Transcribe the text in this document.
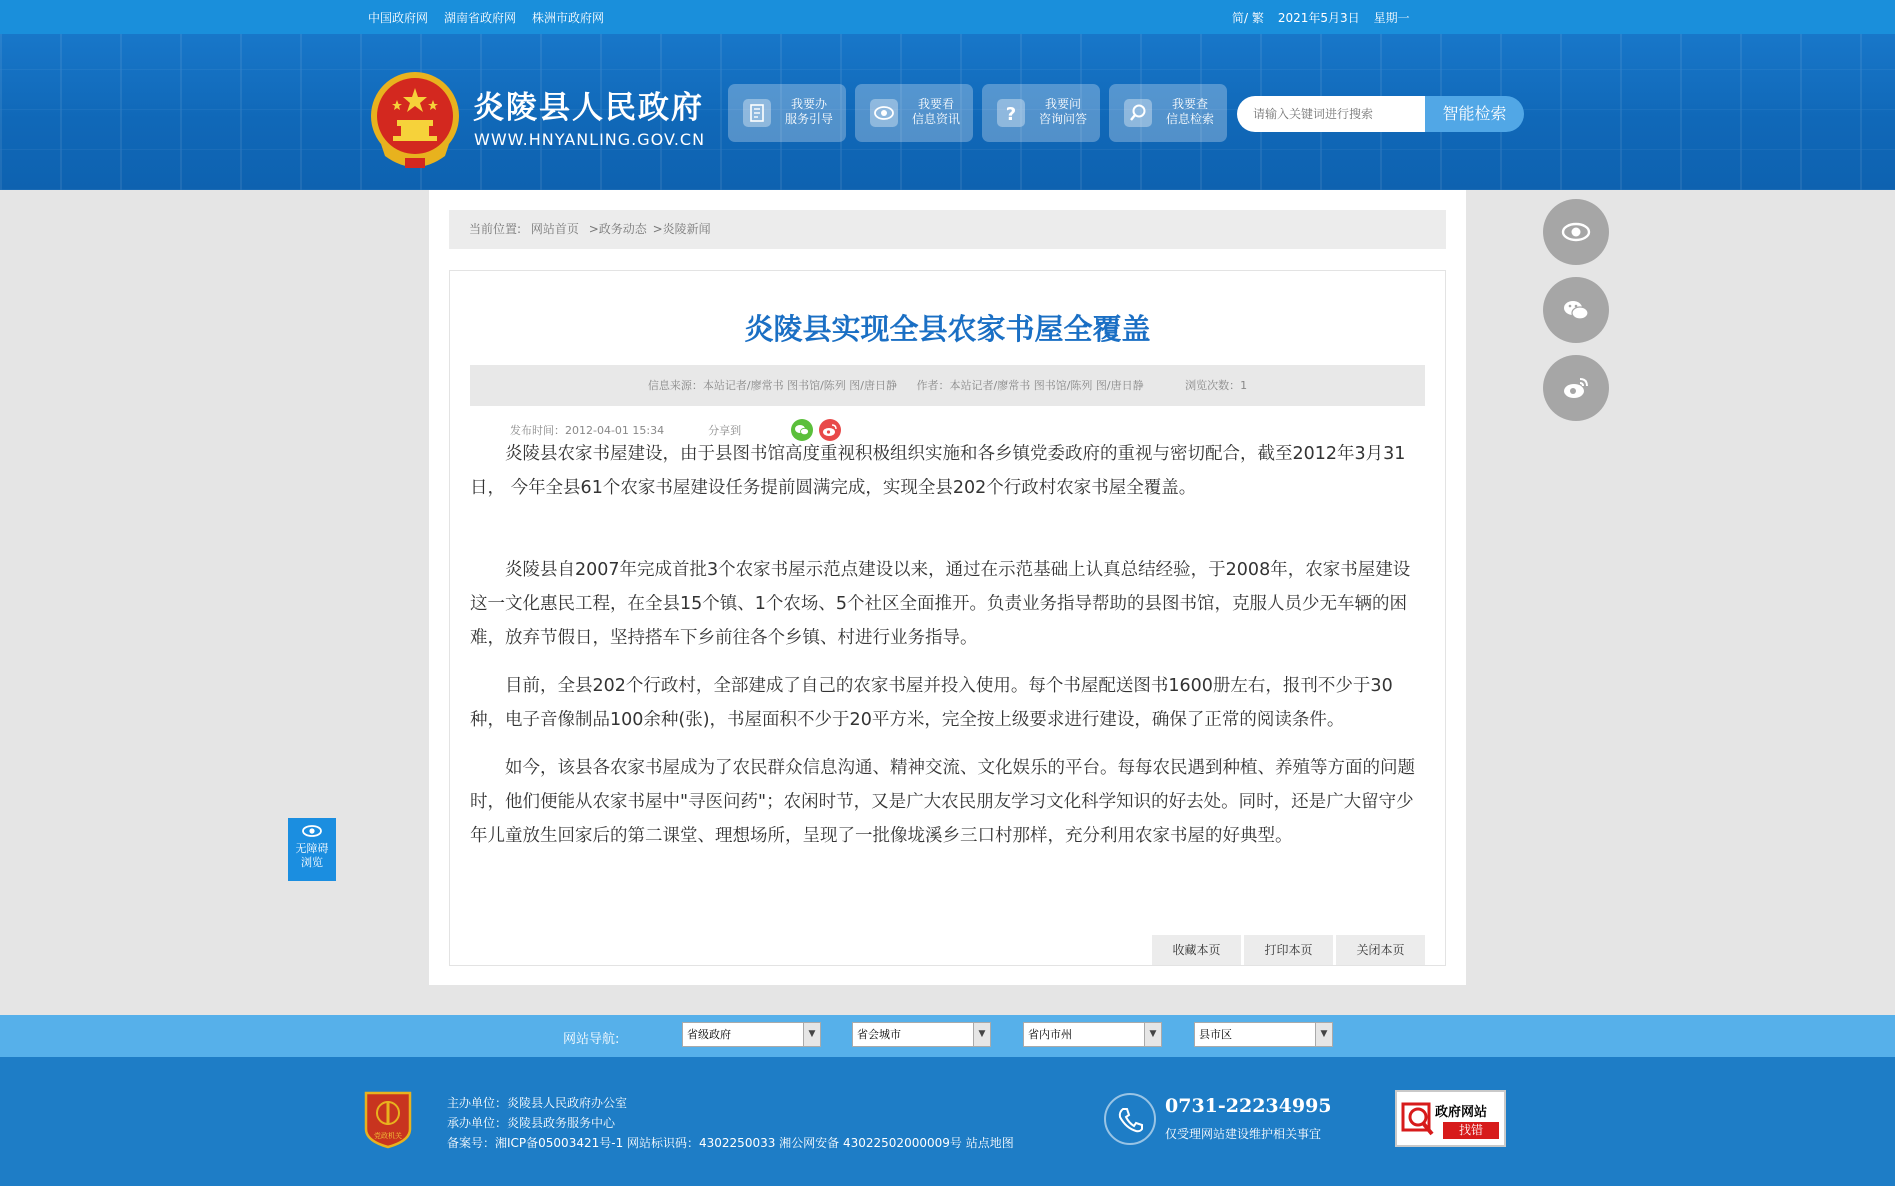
中国政府网 湖南省政府网 株洲市政府网	简/ 繁 2021年5月3日 星期一
炎陵县人民政府
WWW.HNYANLING.GOV.CN
我要办
服务引导
我要看
信息资讯	?	我要问
咨询问答
我要查
信息检索
请输入关键词进行搜索	智能检索
当前位置: 网站首页 >政务动态 >炎陵新闻
炎陵县实现全县农家书屋全覆盖
信息来源：本站记者/廖常书 图书馆/陈列 图/唐日静 作者：本站记者/廖常书 图书馆/陈列 图/唐日静	浏览次数：1
发布时间：2012-04-01 15:34	分享到

炎陵县农家书屋建设，由于县图书馆高度重视积极组织实施和各乡镇党委政府的重视与密切配合，截至2012年3月31日， 今年全县61个农家书屋建设任务提前圆满完成，实现全县202个行政村农家书屋全覆盖。

炎陵县自2007年完成首批3个农家书屋示范点建设以来，通过在示范基础上认真总结经验，于2008年，农家书屋建设这一文化惠民工程，在全县15个镇、1个农场、5个社区全面推开。负责业务指导帮助的县图书馆，克服人员少无车辆的困难，放弃节假日，坚持搭车下乡前往各个乡镇、村进行业务指导。

目前，全县202个行政村，全部建成了自己的农家书屋并投入使用。每个书屋配送图书1600册左右，报刊不少于30种，电子音像制品100余种(张)，书屋面积不少于20平方米，完全按上级要求进行建设，确保了正常的阅读条件。

如今，该县各农家书屋成为了农民群众信息沟通、精神交流、文化娱乐的平台。每每农民遇到种植、养殖等方面的问题时，他们便能从农家书屋中"寻医问药"；农闲时节，又是广大农民朋友学习文化科学知识的好去处。同时，还是广大留守少年儿童放生回家后的第二课堂、理想场所，呈现了一批像垅溪乡三口村那样，充分利用农家书屋的好典型。

收藏本页	打印本页	关闭本页
无障碍
浏览
网站导航:	省级政府	▼	省会城市	▼	省内市州	▼	县市区	▼
党政机关
主办单位：炎陵县人民政府办公室
承办单位：炎陵县政务服务中心
备案号：湘ICP备05003421号-1 网站标识码：4302250033 湘公网安备 43022502000009号 站点地图
0731-22234995
仅受理网站建设维护相关事宜
政府网站
找错
